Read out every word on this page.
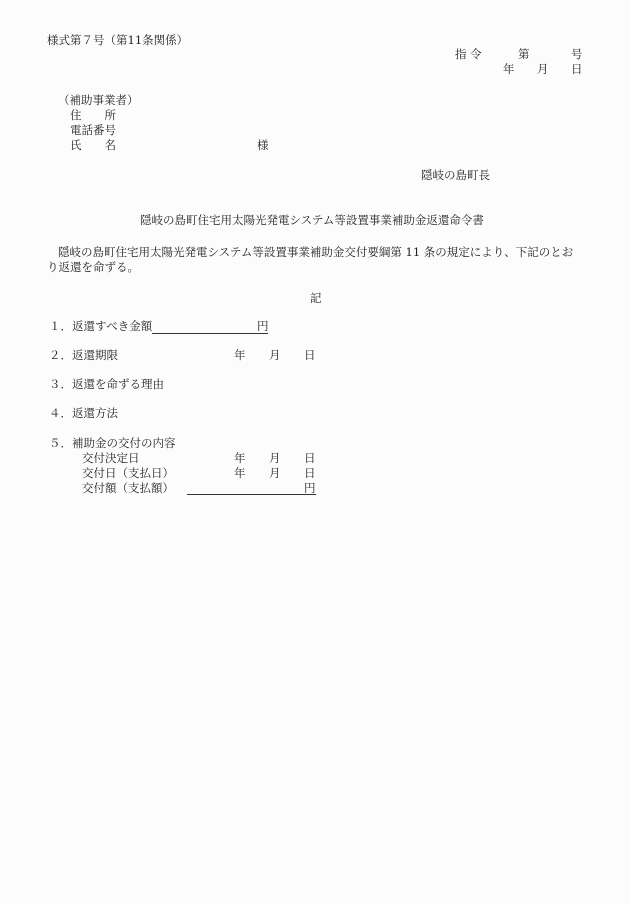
様式第７号（第11条関係）
指 令	第	号
年 月 日
（補助事業者）
住　　所
電話番号
氏　　名	様
隠岐の島町長
隠岐の島町住宅用太陽光発電システム等設置事業補助金返還命令書
隠岐の島町住宅用太陽光発電システム等設置事業補助金交付要綱第 11 条の規定により、下記のとお
り返還を命ずる。
記
１．返還すべき金額	円
２．返還期限	年 月 日
３．返還を命ずる理由
４．返還方法
５．補助金の交付の内容
交付決定日	年 月 日
交付日（支払日）	年 月 日
交付額（支払額）	円
